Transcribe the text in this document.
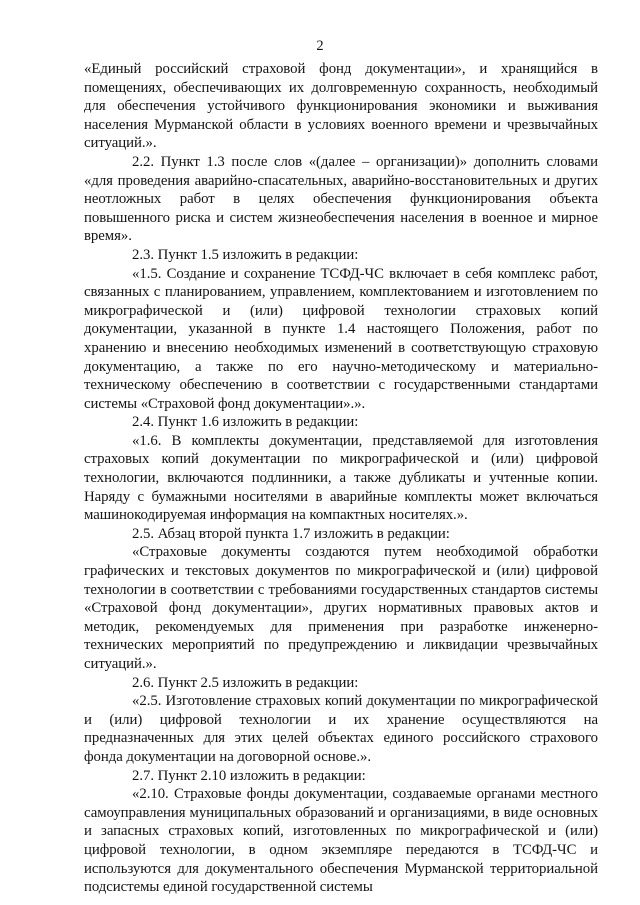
2

«Единый российский страховой фонд документации», и хранящийся в помещениях, обеспечивающих их долговременную сохранность, необходимый для обеспечения устойчивого функционирования экономики и выживания населения Мурманской области в условиях военного времени и чрезвычайных ситуаций.».

2.2. Пункт 1.3 после слов «(далее – организации)» дополнить словами «для проведения аварийно-спасательных, аварийно-восстановительных и других неотложных работ в целях обеспечения функционирования объекта повышенного риска и систем жизнеобеспечения населения в военное и мирное время».

2.3. Пункт 1.5 изложить в редакции:

«1.5. Создание и сохранение ТСФД-ЧС включает в себя комплекс работ, связанных с планированием, управлением, комплектованием и изготовлением по микрографической и (или) цифровой технологии страховых копий документации, указанной в пункте 1.4 настоящего Положения, работ по хранению и внесению необходимых изменений в соответствующую страховую документацию, а также по его научно-методическому и материально-техническому обеспечению в соответствии с государственными стандартами системы «Страховой фонд документации».».

2.4. Пункт 1.6 изложить в редакции:

«1.6. В комплекты документации, представляемой для изготовления страховых копий документации по микрографической и (или) цифровой технологии, включаются подлинники, а также дубликаты и учтенные копии. Наряду с бумажными носителями в аварийные комплекты может включаться машинокодируемая информация на компактных носителях.».

2.5. Абзац второй пункта 1.7 изложить в редакции:

«Страховые документы создаются путем необходимой обработки графических и текстовых документов по микрографической и (или) цифровой технологии в соответствии с требованиями государственных стандартов системы «Страховой фонд документации», других нормативных правовых актов и методик, рекомендуемых для применения при разработке инженерно-технических мероприятий по предупреждению и ликвидации чрезвычайных ситуаций.».

2.6. Пункт 2.5 изложить в редакции:

«2.5. Изготовление страховых копий документации по микрографической и (или) цифровой технологии и их хранение осуществляются на предназначенных для этих целей объектах единого российского страхового фонда документации на договорной основе.».

2.7. Пункт 2.10 изложить в редакции:

«2.10. Страховые фонды документации, создаваемые органами местного самоуправления муниципальных образований и организациями, в виде основных и запасных страховых копий, изготовленных по микрографической и (или) цифровой технологии, в одном экземпляре передаются в ТСФД-ЧС и используются для документального обеспечения Мурманской территориальной подсистемы единой государственной системы
